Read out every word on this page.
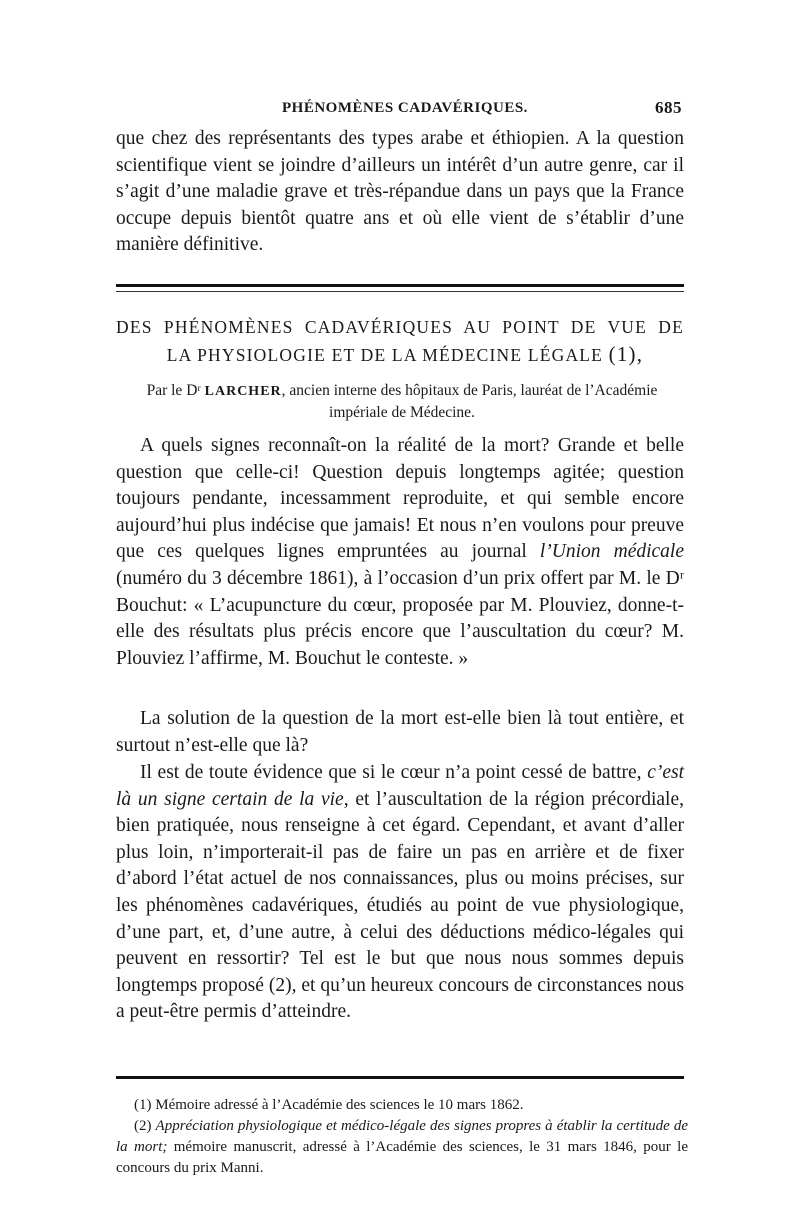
PHÉNOMÈNES CADAVÉRIQUES.	685

que chez des représentants des types arabe et éthiopien. A la question scientifique vient se joindre d’ailleurs un intérêt d’un autre genre, car il s’agit d’une maladie grave et très-répandue dans un pays que la France occupe depuis bientôt quatre ans et où elle vient de s’établir d’une manière définitive.

DES PHÉNOMÈNES CADAVÉRIQUES AU POINT DE VUE DE
LA PHYSIOLOGIE ET DE LA MÉDECINE LÉGALE (1),
Par le Dʳ LARCHER, ancien interne des hôpitaux de Paris, lauréat de l’Académie impériale de Médecine.

A quels signes reconnaît-on la réalité de la mort? Grande et belle question que celle-ci! Question depuis longtemps agitée; question toujours pendante, incessamment reproduite, et qui semble encore aujourd’hui plus indécise que jamais! Et nous n’en voulons pour preuve que ces quelques lignes empruntées au journal l’Union médicale (numéro du 3 décembre 1861), à l’occasion d’un prix offert par M. le Dʳ Bouchut: « L’acupuncture du cœur, proposée par M. Plouviez, donne-t-elle des résultats plus précis encore que l’auscultation du cœur? M. Plouviez l’affirme, M. Bouchut le conteste. »

La solution de la question de la mort est-elle bien là tout entière, et surtout n’est-elle que là?

Il est de toute évidence que si le cœur n’a point cessé de battre, c’est là un signe certain de la vie, et l’auscultation de la région précordiale, bien pratiquée, nous renseigne à cet égard. Cependant, et avant d’aller plus loin, n’importerait-il pas de faire un pas en arrière et de fixer d’abord l’état actuel de nos connaissances, plus ou moins précises, sur les phénomènes cadavériques, étudiés au point de vue physiologique, d’une part, et, d’une autre, à celui des déductions médico-légales qui peuvent en ressortir? Tel est le but que nous nous sommes depuis longtemps proposé (2), et qu’un heureux concours de circonstances nous a peut-être permis d’atteindre.

(1) Mémoire adressé à l’Académie des sciences le 10 mars 1862.

(2) Appréciation physiologique et médico-légale des signes propres à établir la certitude de la mort; mémoire manuscrit, adressé à l’Académie des sciences, le 31 mars 1846, pour le concours du prix Manni.
